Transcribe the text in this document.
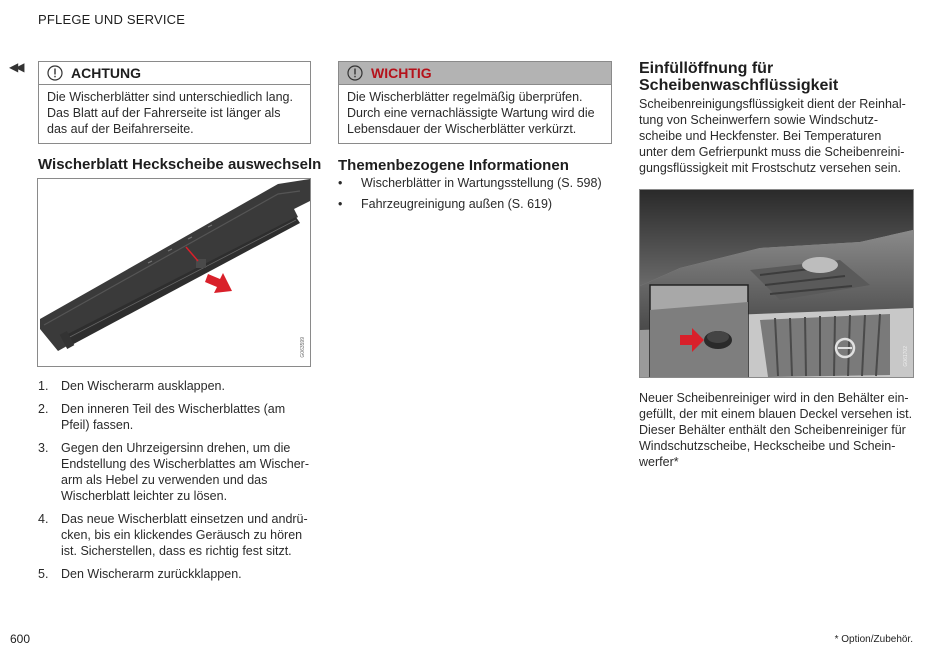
PFLEGE UND SERVICE
◀◀	ACHTUNG
Die Wischerblätter sind unterschiedlich lang.
Das Blatt auf der Fahrerseite ist länger als
das auf der Beifahrerseite.
Wischerblatt Heckscheibe auswechseln
G063599
1.	Den Wischerarm ausklappen.
2.	Den inneren Teil des Wischerblattes (am
Pfeil) fassen.
3.	Gegen den Uhrzeigersinn drehen, um die
Endstellung des Wischerblattes am Wischer-
arm als Hebel zu verwenden und das
Wischerblatt leichter zu lösen.
4.	Das neue Wischerblatt einsetzen und andrü-
cken, bis ein klickendes Geräusch zu hören
ist. Sicherstellen, dass es richtig fest sitzt.
5.	Den Wischerarm zurückklappen.
WICHTIG
Die Wischerblätter regelmäßig überprüfen.
Durch eine vernachlässigte Wartung wird die
Lebensdauer der Wischerblätter verkürzt.
Themenbezogene Informationen
•	Wischerblätter in Wartungsstellung (S. 598)
•	Fahrzeugreinigung außen (S. 619)
Einfüllöffnung für
Scheibenwaschflüssigkeit
Scheibenreinigungsflüssigkeit dient der Reinhal-
tung von Scheinwerfern sowie Windschutz-
scheibe und Heckfenster. Bei Temperaturen
unter dem Gefrierpunkt muss die Scheibenreini-
gungsflüssigkeit mit Frostschutz versehen sein.
G061702
Neuer Scheibenreiniger wird in den Behälter ein-
gefüllt, der mit einem blauen Deckel versehen ist.
Dieser Behälter enthält den Scheibenreiniger für
Windschutzscheibe, Heckscheibe und Schein-
werfer*
600	* Option/Zubehör.
